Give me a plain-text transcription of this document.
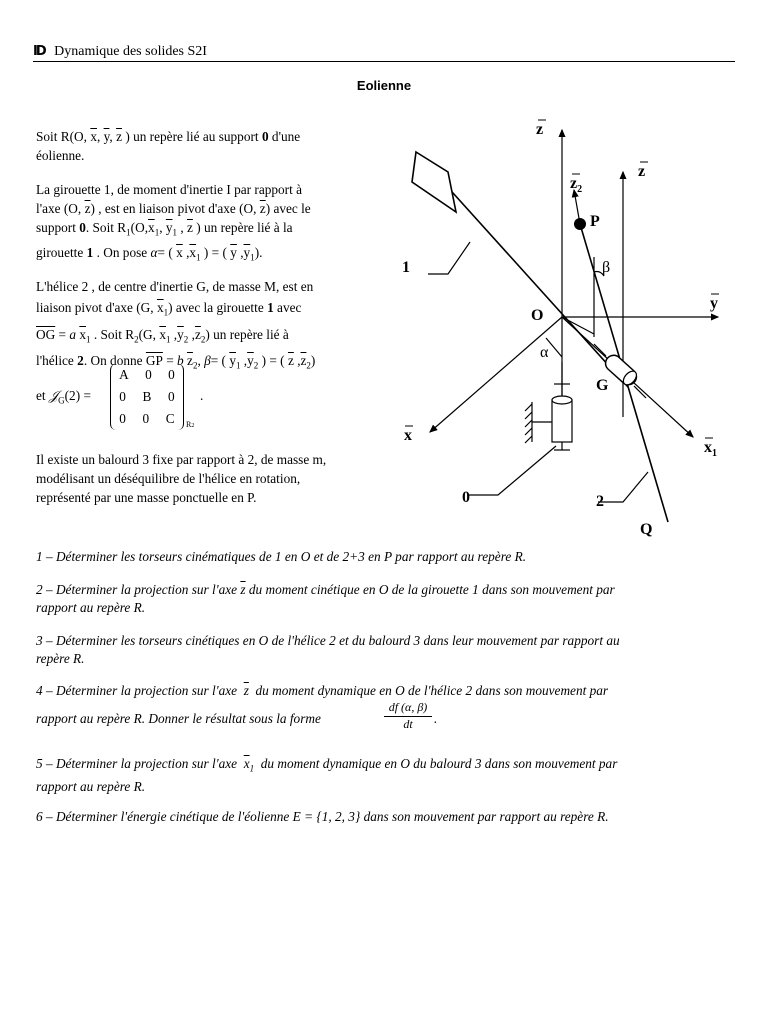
ID Dynamique des solides S2I
Eolienne
Soit R(O, $\overline{x}$, $\overline{y}$, $\overline{z}$ ) un repère lié au support 0 d'une
éolienne.
La girouette 1, de moment d'inertie I par rapport à
l'axe (O, $\overline{z}$) , est en liaison pivot d'axe (O, $\overline{z}$) avec le
support 0. Soit $R_1(O,\overline{x}_1$, $\overline{y}_1$ , $\overline{z}$ ) un repère lié à la
girouette 1 . On pose α= ( $\overline{x}$ $,\overline{x}_1$ ) = ( $\overline{y}$ $,\overline{y}_1$).
L'hélice 2 , de centre d'inertie G, de masse M, est en
liaison pivot d'axe (G, $\overline{x}_1$) avec la girouette 1 avec
$\overline{OG} = a$ $\overline{x}_1$ . Soit $R_2(G$, $\overline{x}_1$ $,\overline{y}_2$ $,\overline{z}_2$) un repère lié à
l'hélice 2. On donne $\overline{GP} = b$ $\overline{z}_2$, β= ( $\overline{y}_1$ $,\overline{y}_2$ ) = ( $\overline{z}$ $,\overline{z}_2$)
et 𝒥$_G$(2) =
A 0 0
0 B 0
0 0 C R2
.
Il existe un balourd 3 fixe par rapport à 2, de masse m,
modélisant un déséquilibre de l'hélice en rotation,
représenté par une masse ponctuelle en P.
z
$z_2$
z
P
β
1
O
y
α
G
x
$x_1$
0	2
Q
1 – Déterminer les torseurs cinématiques de 1 en O et de 2+3 en P par rapport au repère R.
2 – Déterminer la projection sur l'axe $\overline{z}$ du moment cinétique en O de la girouette 1 dans son mouvement par
rapport au repère R.
3 – Déterminer les torseurs cinétiques en O de l'hélice 2 et du balourd 3 dans leur mouvement par rapport au
repère R.
4 – Déterminer la projection sur l'axe $\overline{z}$ du moment dynamique en O de l'hélice 2 dans son mouvement par
rapport au repère R. Donner le résultat sous la forme	$\frac{df (\alpha, \beta)}{dt}$ .
5 – Déterminer la projection sur l'axe $\overline{x}_1$ du moment dynamique en O du balourd 3 dans son mouvement par
rapport au repère R.
6 – Déterminer l'énergie cinétique de l'éolienne E = {1, 2, 3} dans son mouvement par rapport au repère R.
